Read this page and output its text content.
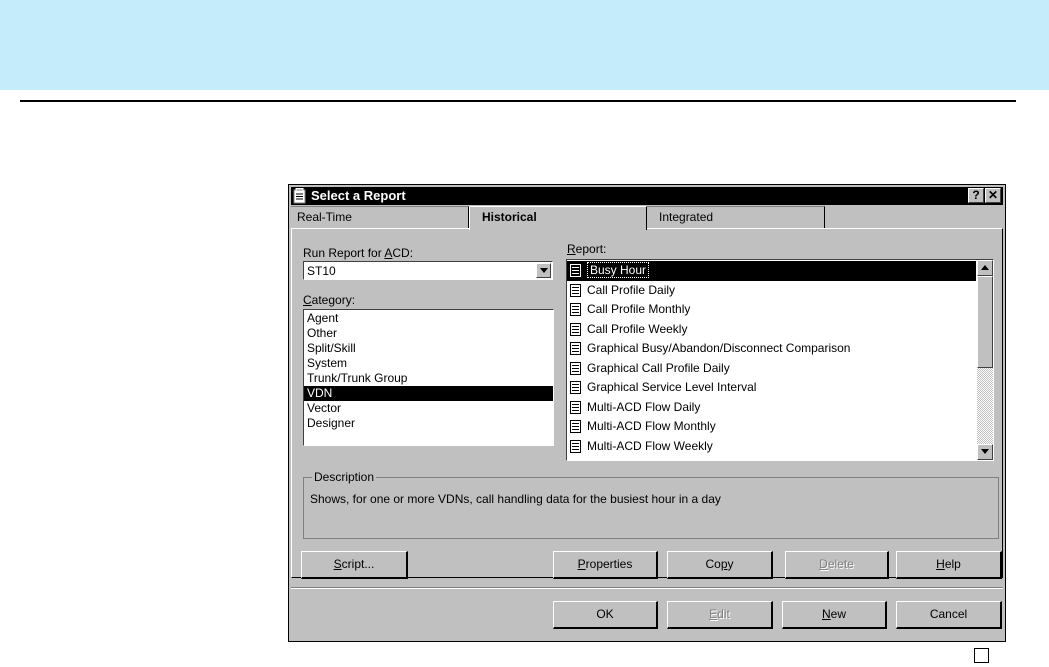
Select a Report	? ✕
Real-Time	Historical	Integrated
Run Report for ACD:
ST10
Category:
Agent
Other
Split/Skill
System
Trunk/Trunk Group
VDN
Vector
Designer
Report:
Busy Hour
Call Profile Daily
Call Profile Monthly
Call Profile Weekly
Graphical Busy/Abandon/Disconnect Comparison
Graphical Call Profile Daily
Graphical Service Level Interval
Multi-ACD Flow Daily
Multi-ACD Flow Monthly
Multi-ACD Flow Weekly
Description
Shows, for one or more VDNs, call handling data for the busiest hour in a day
Script...	Properties	Copy	Delete	Help
OK	Edit	New	Cancel
